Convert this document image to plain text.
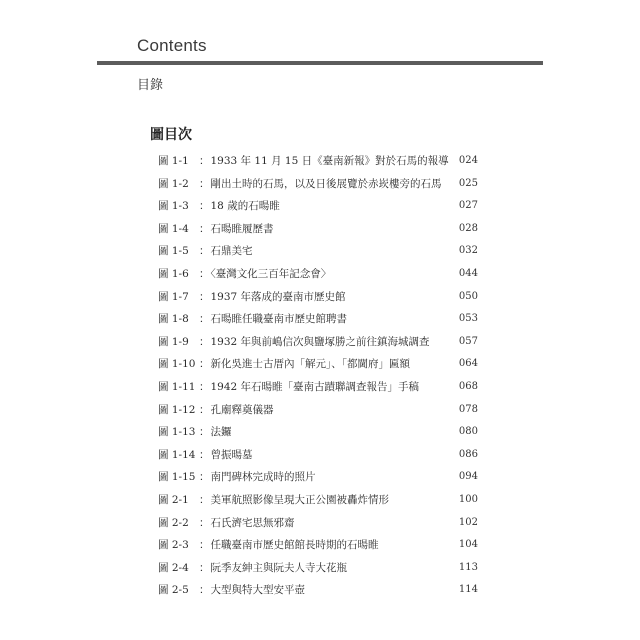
Contents
目錄
圖目次
圖 1-1 ：1933 年 11 月 15 日《臺南新報》對於石馬的報導 024
圖 1-2 ：剛出土時的石馬，以及日後展覽於赤崁樓旁的石馬 025
圖 1-3 ：18 歲的石暘睢	027
圖 1-4 ：石暘睢履歷書	028
圖 1-5 ：石鼎美宅	032
圖 1-6 ：〈臺灣文化三百年記念會〉	044
圖 1-7 ：1937 年落成的臺南市歷史館	050
圖 1-8 ：石暘睢任職臺南市歷史館聘書	053
圖 1-9 ：1932 年與前嶋信次與鹽塚勝之前往鎮海城調查	057
圖 1-10 ：新化吳進士古厝內「解元」、「都閫府」匾額	064
圖 1-11 ：1942 年石暘睢「臺南古蹟聯調查報告」手稿	068
圖 1-12 ：孔廟釋奠儀器	078
圖 1-13 ：法鑼	080
圖 1-14 ：曾振暘墓	086
圖 1-15 ：南門碑林完成時的照片	094
圖 2-1 ：美軍航照影像呈現大正公園被轟炸情形	100
圖 2-2 ：石氏濟宅思無邪齋	102
圖 2-3 ：任職臺南市歷史館館長時期的石暘睢	104
圖 2-4 ：阮季友紳主與阮夫人寺大花瓶	113
圖 2-5 ：大型與特大型安平壺	114
